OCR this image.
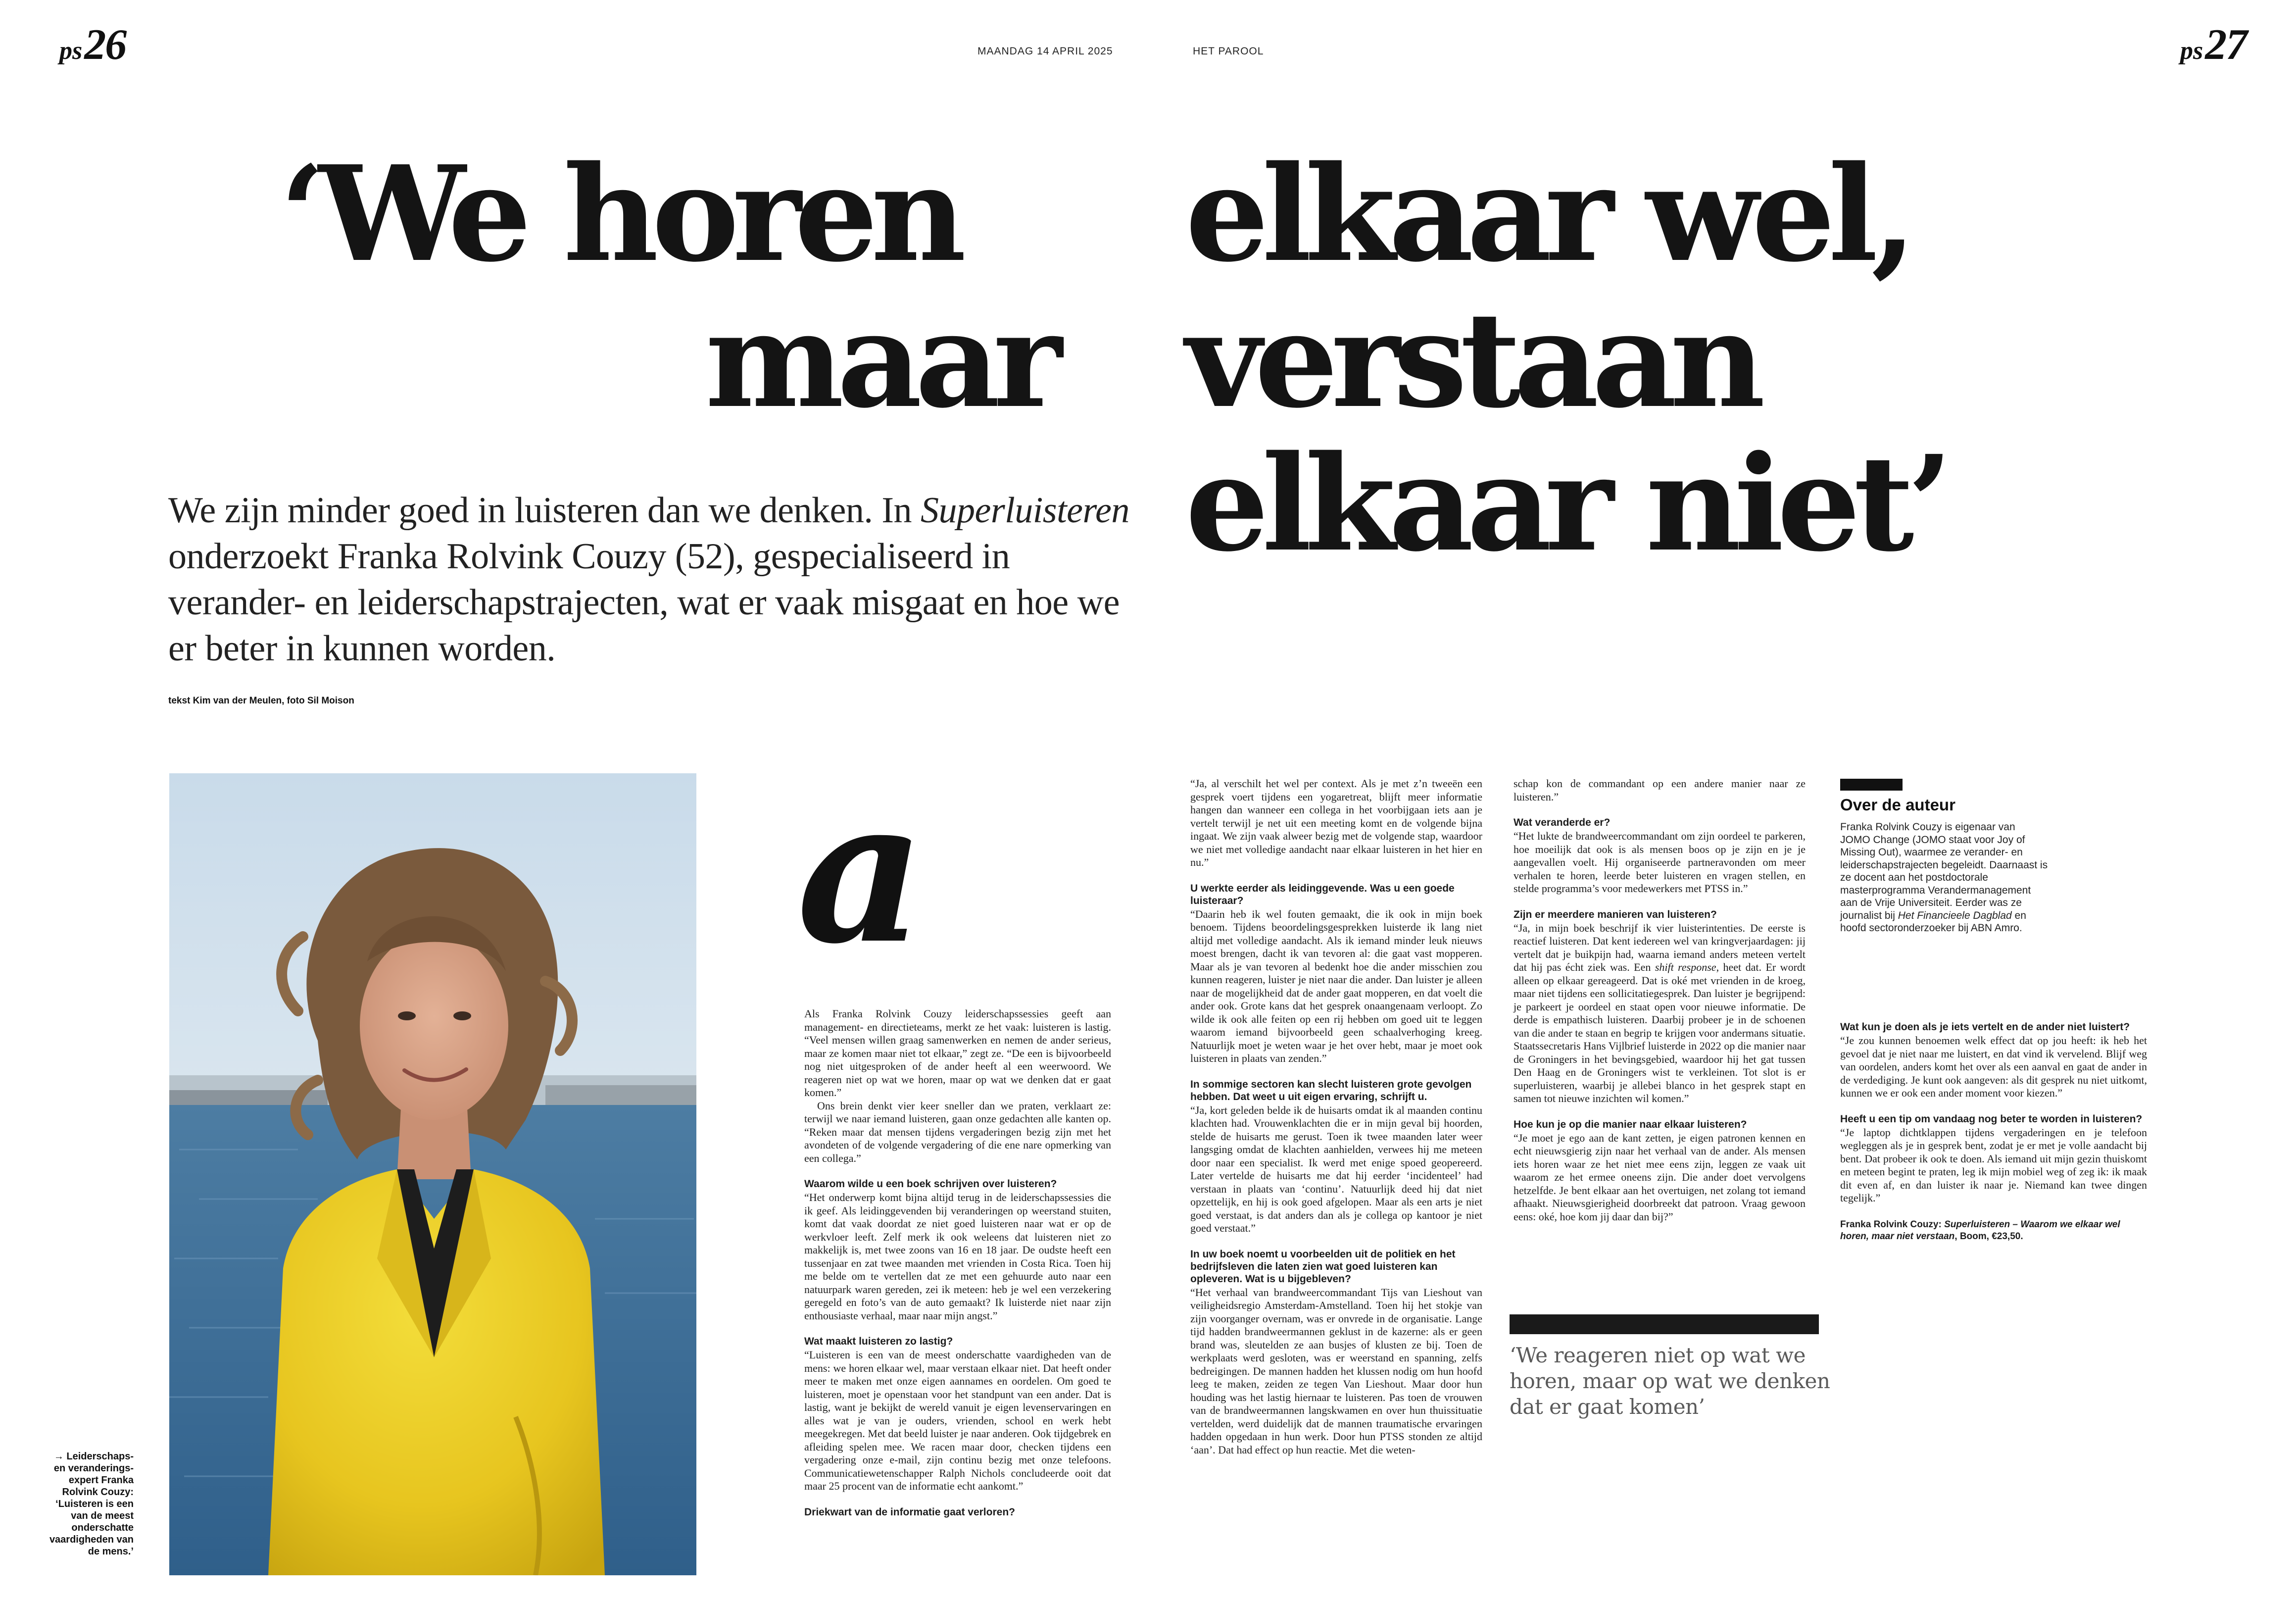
ps26	MAANDAG 14 APRIL 2025	HET PAROOL	ps27
‘We horen elkaar wel,
maar verstaan
elkaar niet’
We zijn minder goed in luisteren dan we denken. In Superluisteren onderzoekt Franka Rolvink Couzy (52), gespecialiseerd in verander- en leiderschapstrajecten, wat er vaak misgaat en hoe we er beter in kunnen worden.
tekst Kim van der Meulen, foto Sil Moison
→ Leiderschaps- en veranderings- expert Franka Rolvink Couzy: ‘Luisteren is een van de meest onderschatte vaardigheden van de mens.’
a

Als Franka Rolvink Couzy leiderschapssessies geeft aan management- en directieteams, merkt ze het vaak: luisteren is lastig. “Veel mensen willen graag samenwerken en nemen de ander serieus, maar ze komen maar niet tot elkaar,” zegt ze. “De een is bijvoorbeeld nog niet uitgesproken of de ander heeft al een weerwoord. We reageren niet op wat we horen, maar op wat we denken dat er gaat komen.”

Ons brein denkt vier keer sneller dan we praten, verklaart ze: terwijl we naar iemand luisteren, gaan onze gedachten alle kanten op. “Reken maar dat mensen tijdens vergaderingen bezig zijn met het avondeten of de volgende vergadering of die ene nare opmerking van een collega.”

Waarom wilde u een boek schrijven over luisteren?

“Het onderwerp komt bijna altijd terug in de leiderschapssessies die ik geef. Als leidinggevenden bij veranderingen op weerstand stuiten, komt dat vaak doordat ze niet goed luisteren naar wat er op de werkvloer leeft. Zelf merk ik ook weleens dat luisteren niet zo makkelijk is, met twee zoons van 16 en 18 jaar. De oudste heeft een tussenjaar en zat twee maanden met vrienden in Costa Rica. Toen hij me belde om te vertellen dat ze met een gehuurde auto naar een natuurpark waren gereden, zei ik meteen: heb je wel een verzekering geregeld en foto’s van de auto gemaakt? Ik luisterde niet naar zijn enthousiaste verhaal, maar naar mijn angst.”

Wat maakt luisteren zo lastig?

“Luisteren is een van de meest onderschatte vaardigheden van de mens: we horen elkaar wel, maar verstaan elkaar niet. Dat heeft onder meer te maken met onze eigen aannames en oordelen. Om goed te luisteren, moet je openstaan voor het standpunt van een ander. Dat is lastig, want je bekijkt de wereld vanuit je eigen levenservaringen en alles wat je van je ouders, vrienden, school en werk hebt meegekregen. Met dat beeld luister je naar anderen. Ook tijdgebrek en afleiding spelen mee. We racen maar door, checken tijdens een vergadering onze e-mail, zijn continu bezig met onze telefoons. Communicatiewetenschapper Ralph Nichols concludeerde ooit dat maar 25 procent van de informatie echt aankomt.”

Driekwart van de informatie gaat verloren?

“Ja, al verschilt het wel per context. Als je met z’n tweeën een gesprek voert tijdens een yogaretreat, blijft meer informatie hangen dan wanneer een collega in het voorbijgaan iets aan je vertelt terwijl je net uit een meeting komt en de volgende bijna ingaat. We zijn vaak alweer bezig met de volgende stap, waardoor we niet met volledige aandacht naar elkaar luisteren in het hier en nu.”

U werkte eerder als leidinggevende. Was u een goede luisteraar?

“Daarin heb ik wel fouten gemaakt, die ik ook in mijn boek benoem. Tijdens beoordelingsgesprekken luisterde ik lang niet altijd met volledige aandacht. Als ik iemand minder leuk nieuws moest brengen, dacht ik van tevoren al: die gaat vast mopperen. Maar als je van tevoren al bedenkt hoe die ander misschien zou kunnen reageren, luister je niet naar die ander. Dan luister je alleen naar de mogelijkheid dat de ander gaat mopperen, en dat voelt die ander ook. Grote kans dat het gesprek onaangenaam verloopt. Zo wilde ik ook alle feiten op een rij hebben om goed uit te leggen waarom iemand bijvoorbeeld geen schaalverhoging kreeg. Natuurlijk moet je weten waar je het over hebt, maar je moet ook luisteren in plaats van zenden.”

In sommige sectoren kan slecht luisteren grote gevolgen hebben. Dat weet u uit eigen ervaring, schrijft u.

“Ja, kort geleden belde ik de huisarts omdat ik al maanden continu klachten had. Vrouwenklachten die er in mijn geval bij hoorden, stelde de huisarts me gerust. Toen ik twee maanden later weer langsging omdat de klachten aanhielden, verwees hij me meteen door naar een specialist. Ik werd met enige spoed geopereerd. Later vertelde de huisarts me dat hij eerder ‘incidenteel’ had verstaan in plaats van ‘continu’. Natuurlijk deed hij dat niet opzettelijk, en hij is ook goed afgelopen. Maar als een arts je niet goed verstaat, is dat anders dan als je collega op kantoor je niet goed verstaat.”

In uw boek noemt u voorbeelden uit de politiek en het bedrijfsleven die laten zien wat goed luisteren kan opleveren. Wat is u bijgebleven?

“Het verhaal van brandweercommandant Tijs van Lieshout van veiligheidsregio Amsterdam-Amstelland. Toen hij het stokje van zijn voorganger overnam, was er onvrede in de organisatie. Lange tijd hadden brandweermannen geklust in de kazerne: als er geen brand was, sleutelden ze aan busjes of klusten ze bij. Toen de werkplaats werd gesloten, was er weerstand en spanning, zelfs bedreigingen. De mannen hadden het klussen nodig om hun hoofd leeg te maken, zeiden ze tegen Van Lieshout. Maar door hun houding was het lastig hiernaar te luisteren. Pas toen de vrouwen van de brandweermannen langskwamen en over hun thuissituatie vertelden, werd duidelijk dat de mannen traumatische ervaringen hadden opgedaan in hun werk. Door hun PTSS stonden ze altijd ‘aan’. Dat had effect op hun reactie. Met die weten-

schap kon de commandant op een andere manier naar ze luisteren.”

Wat veranderde er?

“Het lukte de brandweercommandant om zijn oordeel te parkeren, hoe moeilijk dat ook is als mensen boos op je zijn en je je aangevallen voelt. Hij organiseerde partneravonden om meer verhalen te horen, leerde beter luisteren en vragen stellen, en stelde programma’s voor medewerkers met PTSS in.”

Zijn er meerdere manieren van luisteren?

“Ja, in mijn boek beschrijf ik vier luisterintenties. De eerste is reactief luisteren. Dat kent iedereen wel van kringverjaardagen: jij vertelt dat je buikpijn had, waarna iemand anders meteen vertelt dat hij pas écht ziek was. Een shift response, heet dat. Er wordt alleen op elkaar gereageerd. Dat is oké met vrienden in de kroeg, maar niet tijdens een sollicitatiegesprek. Dan luister je begrijpend: je parkeert je oordeel en staat open voor nieuwe informatie. De derde is empathisch luisteren. Daarbij probeer je in de schoenen van die ander te staan en begrip te krijgen voor andermans situatie. Staatssecretaris Hans Vijlbrief luisterde in 2022 op die manier naar de Groningers in het bevingsgebied, waardoor hij het gat tussen Den Haag en de Groningers wist te verkleinen. Tot slot is er superluisteren, waarbij je allebei blanco in het gesprek stapt en samen tot nieuwe inzichten wil komen.”

Hoe kun je op die manier naar elkaar luisteren?

“Je moet je ego aan de kant zetten, je eigen patronen kennen en echt nieuwsgierig zijn naar het verhaal van de ander. Als mensen iets horen waar ze het niet mee eens zijn, leggen ze vaak uit waarom ze het ermee oneens zijn. Die ander doet vervolgens hetzelfde. Je bent elkaar aan het overtuigen, net zolang tot iemand afhaakt. Nieuwsgierigheid doorbreekt dat patroon. Vraag gewoon eens: oké, hoe kom jij daar dan bij?”

‘We reageren niet op wat we horen, maar op wat we denken dat er gaat komen’
Over de auteur
Franka Rolvink Couzy is eigenaar van JOMO Change (JOMO staat voor Joy of Missing Out), waarmee ze verander- en leiderschapstrajecten begeleidt. Daarnaast is ze docent aan het postdoctorale masterprogramma Verandermanagement aan de Vrije Universiteit. Eerder was ze journalist bij Het Financieele Dagblad en hoofd sectoronderzoeker bij ABN Amro.
Wat kun je doen als je iets vertelt en de ander niet luistert?

“Je zou kunnen benoemen welk effect dat op jou heeft: ik heb het gevoel dat je niet naar me luistert, en dat vind ik vervelend. Blijf weg van oordelen, anders komt het over als een aanval en gaat de ander in de verdediging. Je kunt ook aangeven: als dit gesprek nu niet uitkomt, kunnen we er ook een ander moment voor kiezen.”

Heeft u een tip om vandaag nog beter te worden in luisteren?

“Je laptop dichtklappen tijdens vergaderingen en je telefoon wegleggen als je in gesprek bent, zodat je er met je volle aandacht bij bent. Dat probeer ik ook te doen. Als iemand uit mijn gezin thuiskomt en meteen begint te praten, leg ik mijn mobiel weg of zeg ik: ik maak dit even af, en dan luister ik naar je. Niemand kan twee dingen tegelijk.”

Franka Rolvink Couzy: Superluisteren – Waarom we elkaar wel horen, maar niet verstaan, Boom, €23,50.
